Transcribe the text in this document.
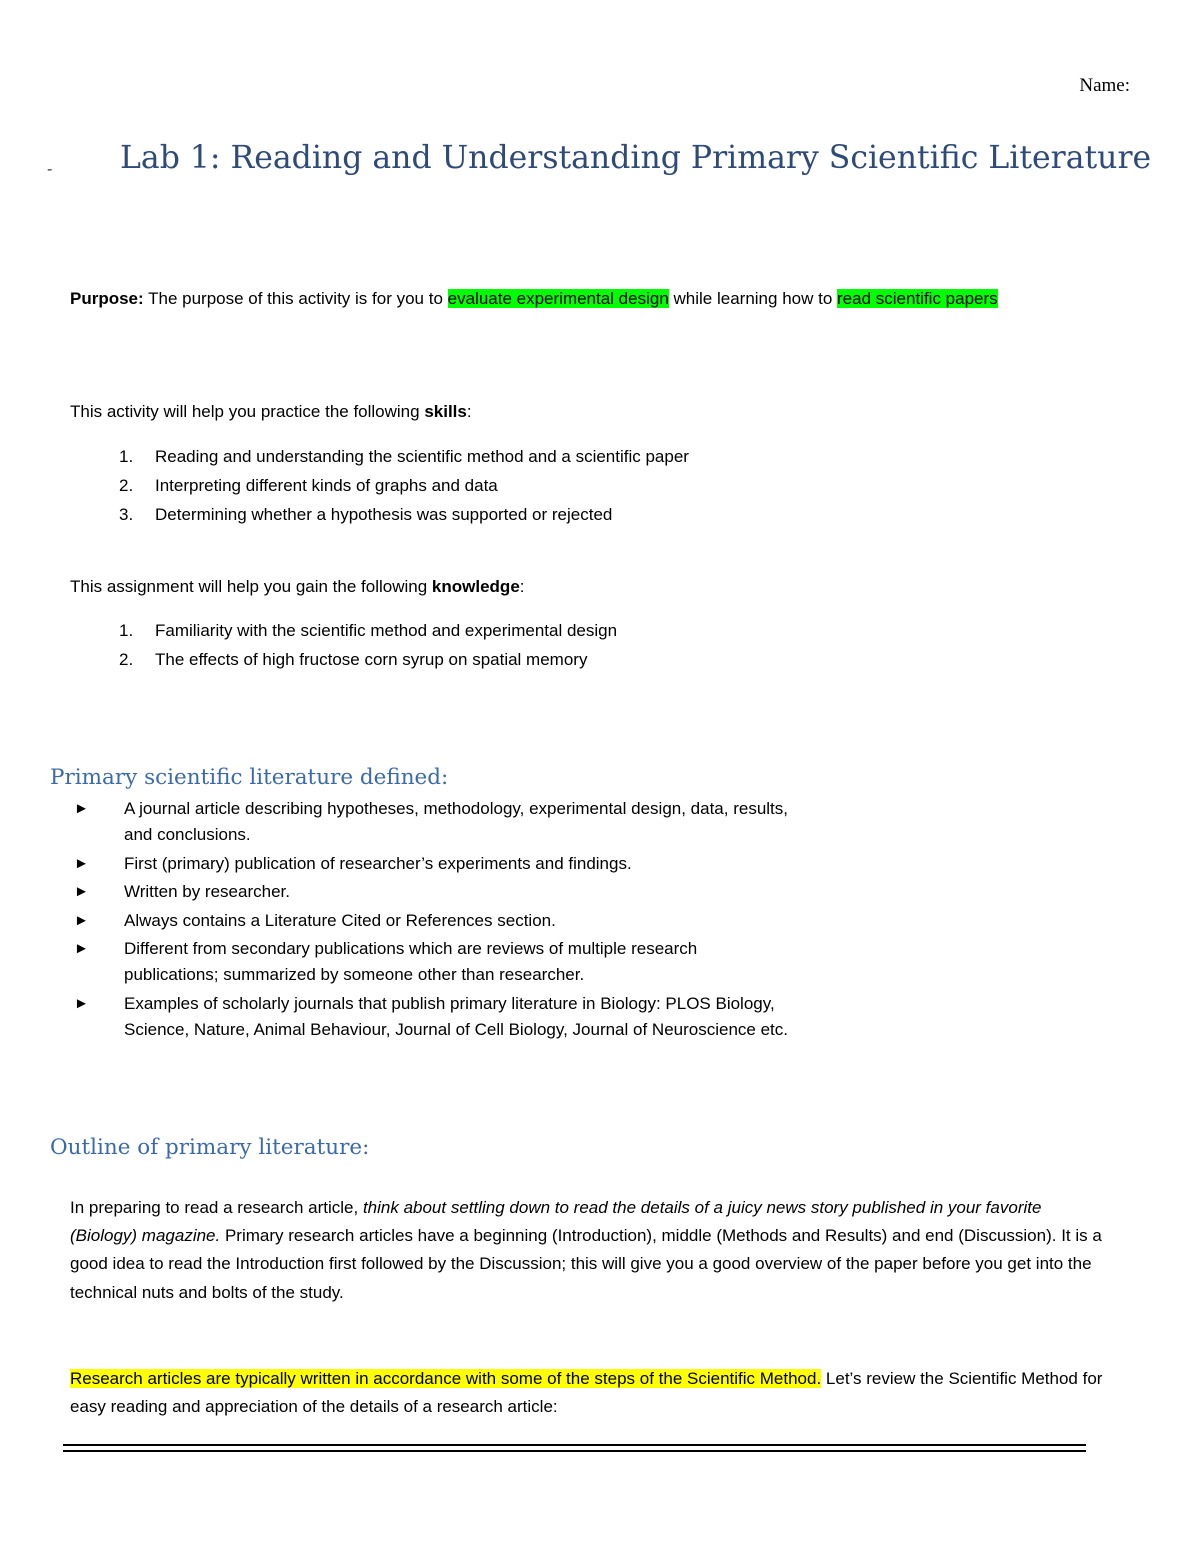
Name:
- Lab 1: Reading and Understanding Primary Scientific Literature
Purpose: The purpose of this activity is for you to evaluate experimental design while learning how to read scientific papers
This activity will help you practice the following skills:
1. Reading and understanding the scientific method and a scientific paper
2. Interpreting different kinds of graphs and data
3. Determining whether a hypothesis was supported or rejected
This assignment will help you gain the following knowledge:
1. Familiarity with the scientific method and experimental design
2. The effects of high fructose corn syrup on spatial memory
Primary scientific literature defined:
► A journal article describing hypotheses, methodology, experimental design, data, results, and conclusions.
► First (primary) publication of researcher’s experiments and findings.
► Written by researcher.
► Always contains a Literature Cited or References section.
► Different from secondary publications which are reviews of multiple research publications; summarized by someone other than researcher.
► Examples of scholarly journals that publish primary literature in Biology: PLOS Biology, Science, Nature, Animal Behaviour, Journal of Cell Biology, Journal of Neuroscience etc.
Outline of primary literature:
In preparing to read a research article, think about settling down to read the details of a juicy news story published in your favorite (Biology) magazine. Primary research articles have a beginning (Introduction), middle (Methods and Results) and end (Discussion). It is a good idea to read the Introduction first followed by the Discussion; this will give you a good overview of the paper before you get into the technical nuts and bolts of the study.
Research articles are typically written in accordance with some of the steps of the Scientific Method. Let’s review the Scientific Method for easy reading and appreciation of the details of a research article:
